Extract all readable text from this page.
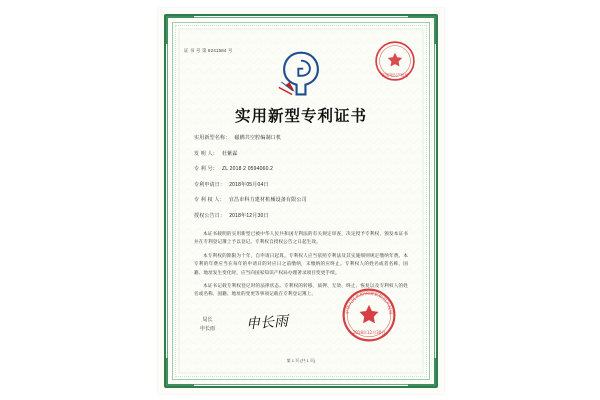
证 书 号 第 8241584 号
国家知识产权局
实用新型专利证书
实用新型名称： 磁耦共空腔编制口机
发 明 人： 杜紫霖
专 利 号： ZL 2018 2 0594060.2
专利申请日： 2018年05月04日
专 利 权 人： 宜昌市科力建材机械设备有限公司
授权公告日： 2018年12月30日

本证书载明的实用新型已被中华人民共和国专利法的有关规定审查，决定授予专利权，颁发本证书并在专利登记簿上予以登记。专利权自授权公告之日起生效。

本专利权的期限为十年，自申请日起算。专利权人应当依照专利法及其实施细则规定缴纳年费。本专利的年费应当在每年的申请日的对应日之前缴纳，未缴纳的应终止。专利权人的姓名或者名称、国籍、地址发生变化时，应当向国家知识产权局办理著录项目变更手续。

本证书记载专利权登记时的法律状态。专利权的转移、质押、无效、终止、恢复以及专利权人的姓名或名称、国籍、地址的变更等事项记载在专利登记簿上。

局长
申长雨 申长雨
中华人民共和国国家知识产权局
2018年12月30日
第 1 页 (共 1 页)
